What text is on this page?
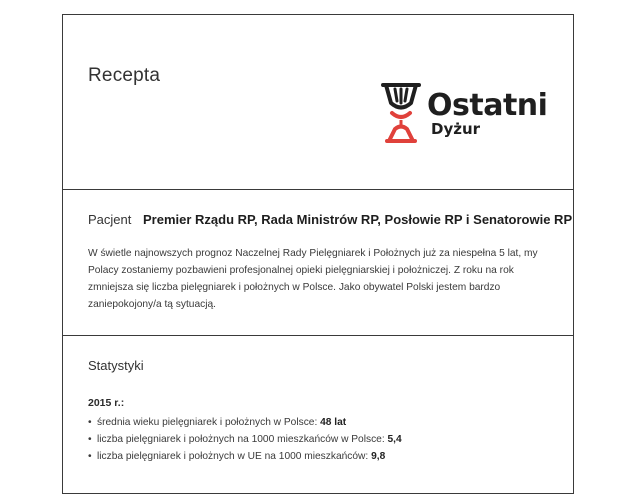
Recepta
Ostatni
Dyżur
Pacjent Premier Rządu RP, Rada Ministrów RP, Posłowie RP i Senatorowie RP

W świetle najnowszych prognoz Naczelnej Rady Pielęgniarek i Położnych już za niespełna 5 lat, my Polacy zostaniemy pozbawieni profesjonalnej opieki pielęgniarskiej i położniczej. Z roku na rok zmniejsza się liczba pielęgniarek i położnych w Polsce. Jako obywatel Polski jestem bardzo zaniepokojony/a tą sytuacją.

Statystyki
2015 r.:
• średnia wieku pielęgniarek i położnych w Polsce: 48 lat
• liczba pielęgniarek i położnych na 1000 mieszkańców w Polsce: 5,4
• liczba pielęgniarek i położnych w UE na 1000 mieszkańców: 9,8
